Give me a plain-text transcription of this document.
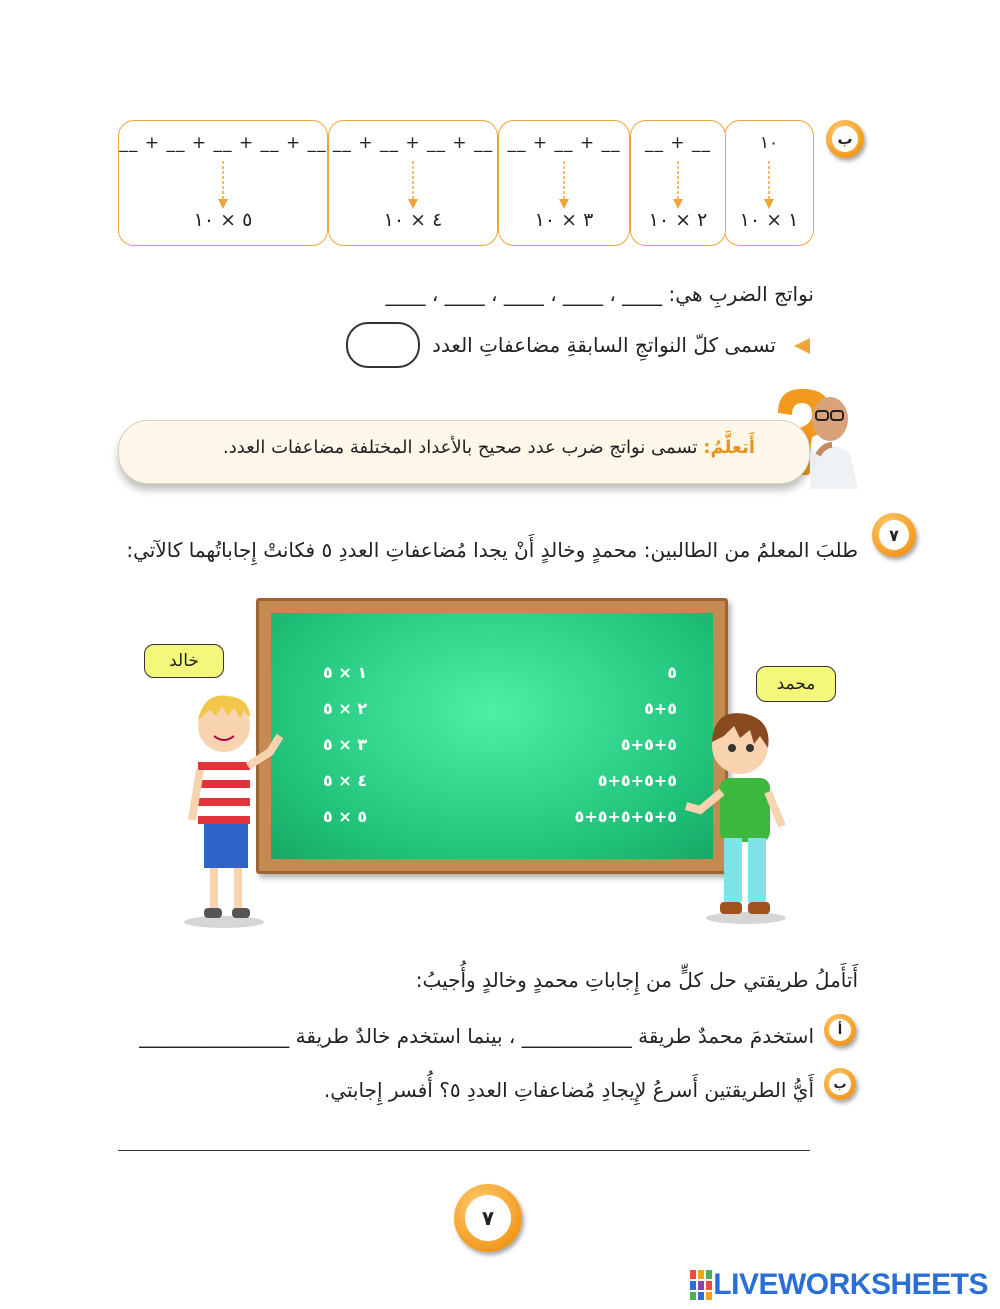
ب
١٠
١ × ١٠
__ + __
٢ × ١٠
__ + __ + __
٣ × ١٠
__ + __ + __ + __
٤ × ١٠
__ + __ + __ + __ + __
٥ × ١٠
نواتج الضربِ هي: ____ ، ____ ، ____ ، ____ ، ____
تسمى كلّ النواتجِ السابقةِ مضاعفاتِ العدد
أَتعلَّمُ: تسمى نواتج ضرب عدد صحيح بالأعداد المختلفة مضاعفات العدد.
٧
طلبَ المعلمُ من الطالبين: محمدٍ وخالدٍ أَنْ يجدا مُضاعفاتِ العددِ ٥ فكانتْ إِجاباتُهما كالآتي:
١ × ٥
٢ × ٥
٣ × ٥
٤ × ٥
٥ × ٥
٥
٥+٥
٥+٥+٥
٥+٥+٥+٥
٥+٥+٥+٥+٥
خالد
محمد
أَتأَملُ طريقتي حل كلٍّ من إِجاباتِ محمدٍ وخالدٍ وأُجيبُ:
أ
استخدمَ محمدٌ طريقة ___________ ، بينما استخدم خالدٌ طريقة _______________
ب
أَيُّ الطريقتين أَسرعُ لإِيجادِ مُضاعفاتِ العددِ ٥؟ أُفسر إِجابتي.
٧
LIVEWORKSHEETS
